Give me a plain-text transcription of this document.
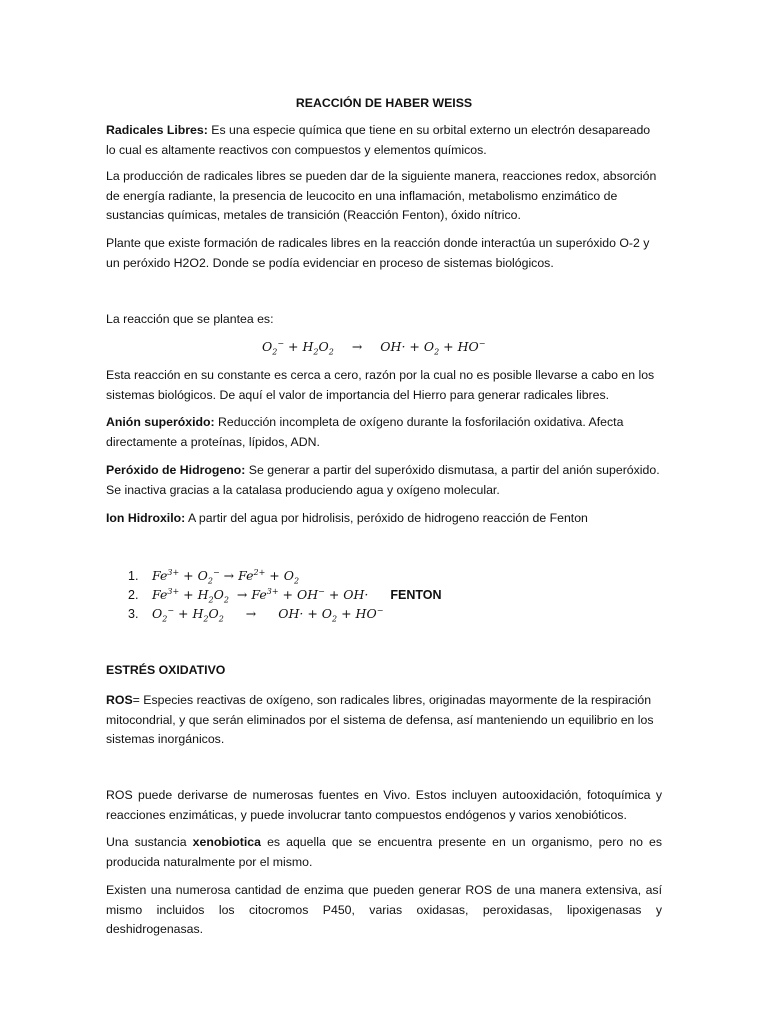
REACCIÓN DE HABER WEISS

Radicales Libres: Es una especie química que tiene en su orbital externo un electrón desapareado lo cual es altamente reactivos con compuestos y elementos químicos.

La producción de radicales libres se pueden dar de la siguiente manera, reacciones redox, absorción de energía radiante, la presencia de leucocito en una inflamación, metabolismo enzimático de sustancias químicas, metales de transición (Reacción Fenton), óxido nítrico.

Plante que existe formación de radicales libres en la reacción donde interactúa un superóxido O-2 y un peróxido H2O2. Donde se podía evidenciar en proceso de sistemas biológicos.

La reacción que se plantea es:

$O_2^- + H_2O_2 \to OH\cdot + O_2 + HO^-$

Esta reacción en su constante es cerca a cero, razón por la cual no es posible llevarse a cabo en los sistemas biológicos. De aquí el valor de importancia del Hierro para generar radicales libres.

Anión superóxido: Reducción incompleta de oxígeno durante la fosforilación oxidativa. Afecta directamente a proteínas, lípidos, ADN.

Peróxido de Hidrogeno: Se generar a partir del superóxido dismutasa, a partir del anión superóxido. Se inactiva gracias a la catalasa produciendo agua y oxígeno molecular.

Ion Hidroxilo: A partir del agua por hidrolisis, peróxido de hidrogeno reacción de Fenton

1. $Fe^{3+} + O_2^- \to Fe^{2+} + O_2$
2. $Fe^{3+} + H_2O_2 \to Fe^{3+} + OH^- + OH\cdot$ FENTON
3. $O_2^- + H_2O_2 \to OH\cdot + O_2 + HO^-$

ESTRÉS OXIDATIVO

ROS= Especies reactivas de oxígeno, son radicales libres, originadas mayormente de la respiración mitocondrial, y que serán eliminados por el sistema de defensa, así manteniendo un equilibrio en los sistemas inorgánicos.

ROS puede derivarse de numerosas fuentes en Vivo. Estos incluyen autooxidación, fotoquímica y reacciones enzimáticas, y puede involucrar tanto compuestos endógenos y varios xenobióticos.

Una sustancia xenobiotica es aquella que se encuentra presente en un organismo, pero no es producida naturalmente por el mismo.

Existen una numerosa cantidad de enzima que pueden generar ROS de una manera extensiva, así mismo incluidos los citocromos P450, varias oxidasas, peroxidasas, lipoxigenasas y deshidrogenasas.
